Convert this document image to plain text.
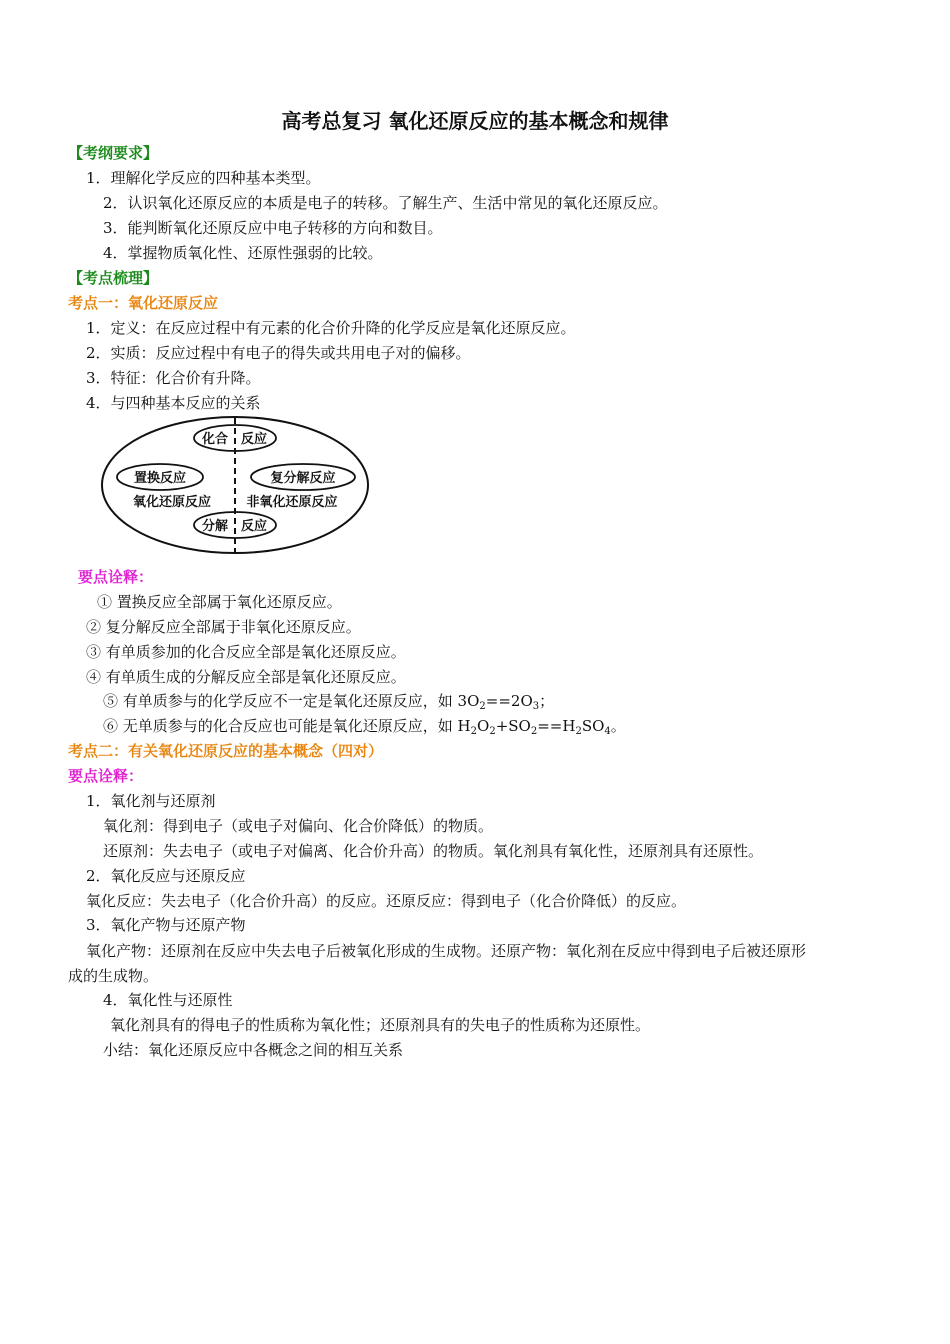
高考总复习 氧化还原反应的基本概念和规律
【考纲要求】
1．理解化学反应的四种基本类型。
2．认识氧化还原反应的本质是电子的转移。了解生产、生活中常见的氧化还原反应。
3．能判断氧化还原反应中电子转移的方向和数目。
4．掌握物质氧化性、还原性强弱的比较。
【考点梳理】
考点一：氧化还原反应
1．定义：在反应过程中有元素的化合价升降的化学反应是氧化还原反应。
2．实质：反应过程中有电子的得失或共用电子对的偏移。
3．特征：化合价有升降。
4．与四种基本反应的关系
化合 反应
置换反应	复分解反应
氧化还原反应	非氧化还原反应
分解 反应
要点诠释：
① 置换反应全部属于氧化还原反应。
② 复分解反应全部属于非氧化还原反应。
③ 有单质参加的化合反应全部是氧化还原反应。
④ 有单质生成的分解反应全部是氧化还原反应。
⑤ 有单质参与的化学反应不一定是氧化还原反应，如 $3O_2==2O_3$；
⑥ 无单质参与的化合反应也可能是氧化还原反应，如 $H_2O_2+SO_2==H_2SO_4$。
考点二：有关氧化还原反应的基本概念（四对）
要点诠释：
1．氧化剂与还原剂
氧化剂：得到电子（或电子对偏向、化合价降低）的物质。
还原剂：失去电子（或电子对偏离、化合价升高）的物质。氧化剂具有氧化性，还原剂具有还原性。
2．氧化反应与还原反应
氧化反应：失去电子（化合价升高）的反应。还原反应：得到电子（化合价降低）的反应。
3．氧化产物与还原产物
氧化产物：还原剂在反应中失去电子后被氧化形成的生成物。还原产物：氧化剂在反应中得到电子后被还原形
成的生成物。
4．氧化性与还原性
氧化剂具有的得电子的性质称为氧化性；还原剂具有的失电子的性质称为还原性。
小结：氧化还原反应中各概念之间的相互关系
